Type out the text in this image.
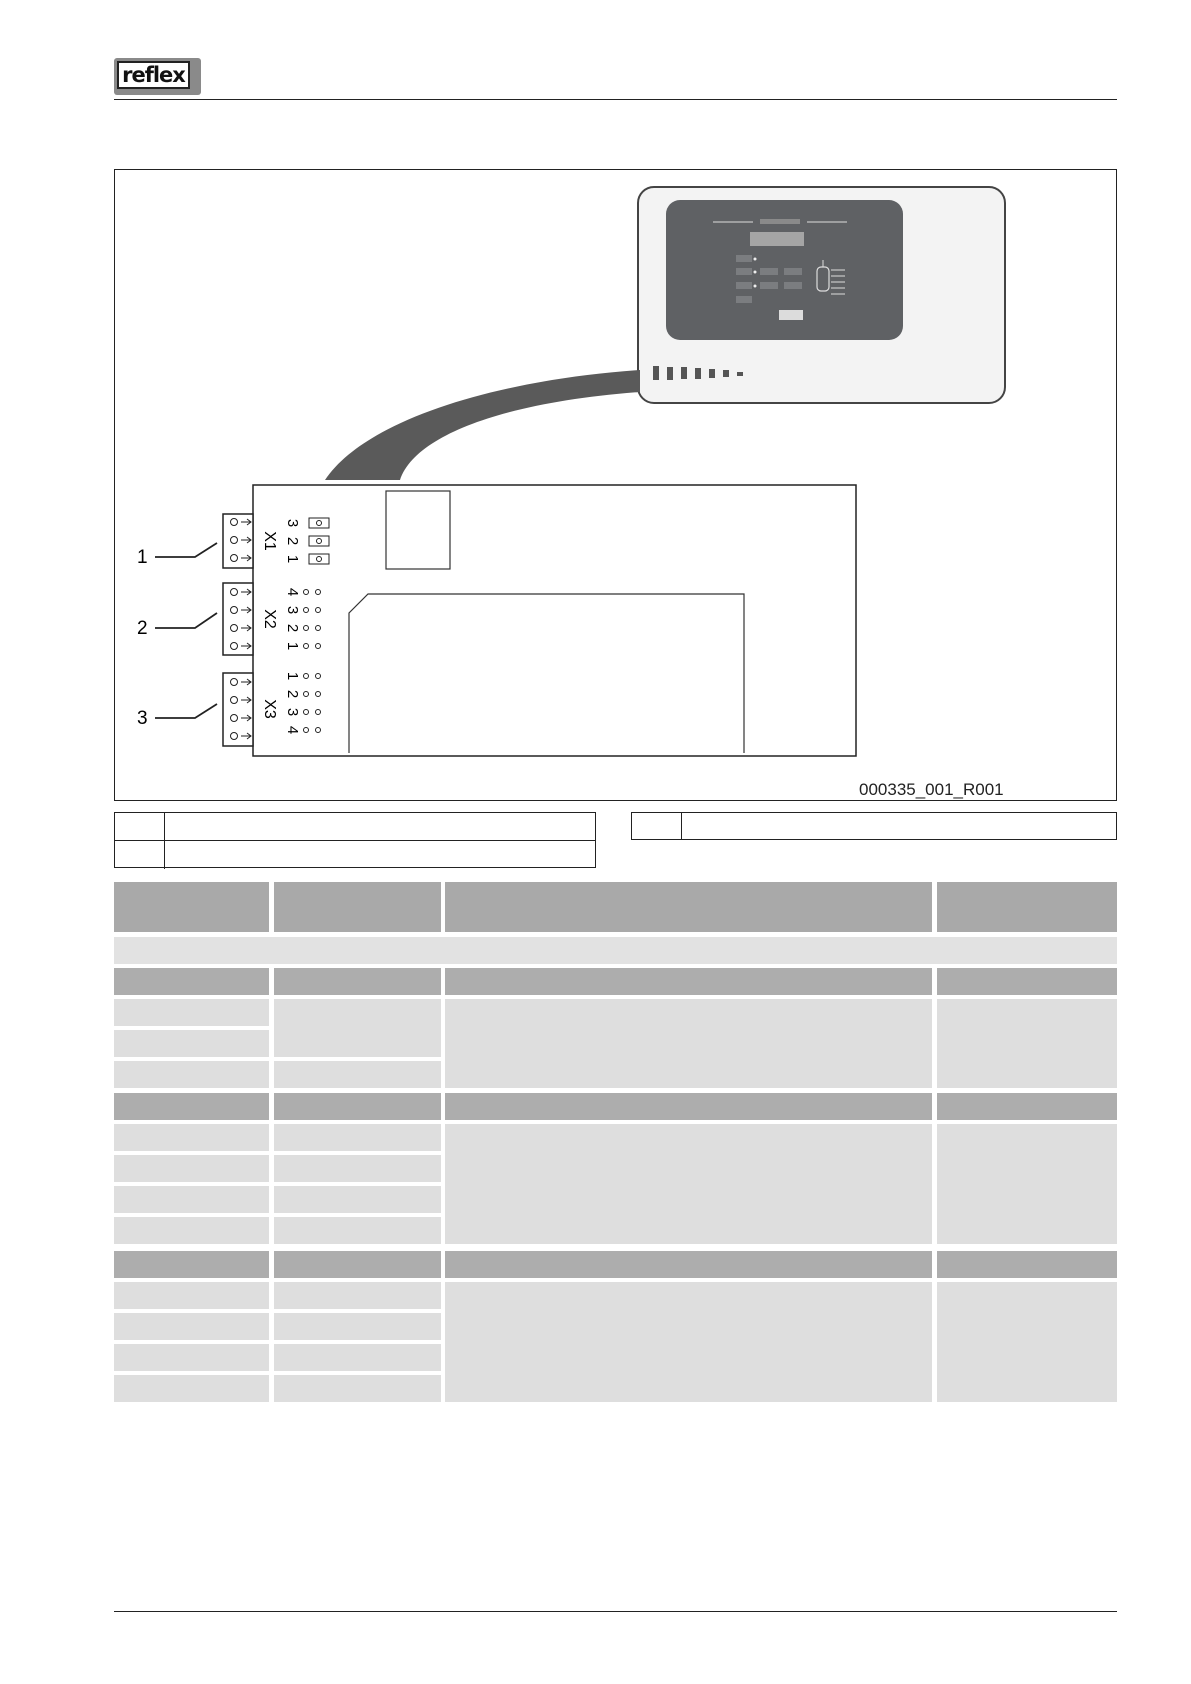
reflex
X1
X2
X3
3
2
1
4
3
2
1
1
2
3
4
1
2
3
000335_001_R001
